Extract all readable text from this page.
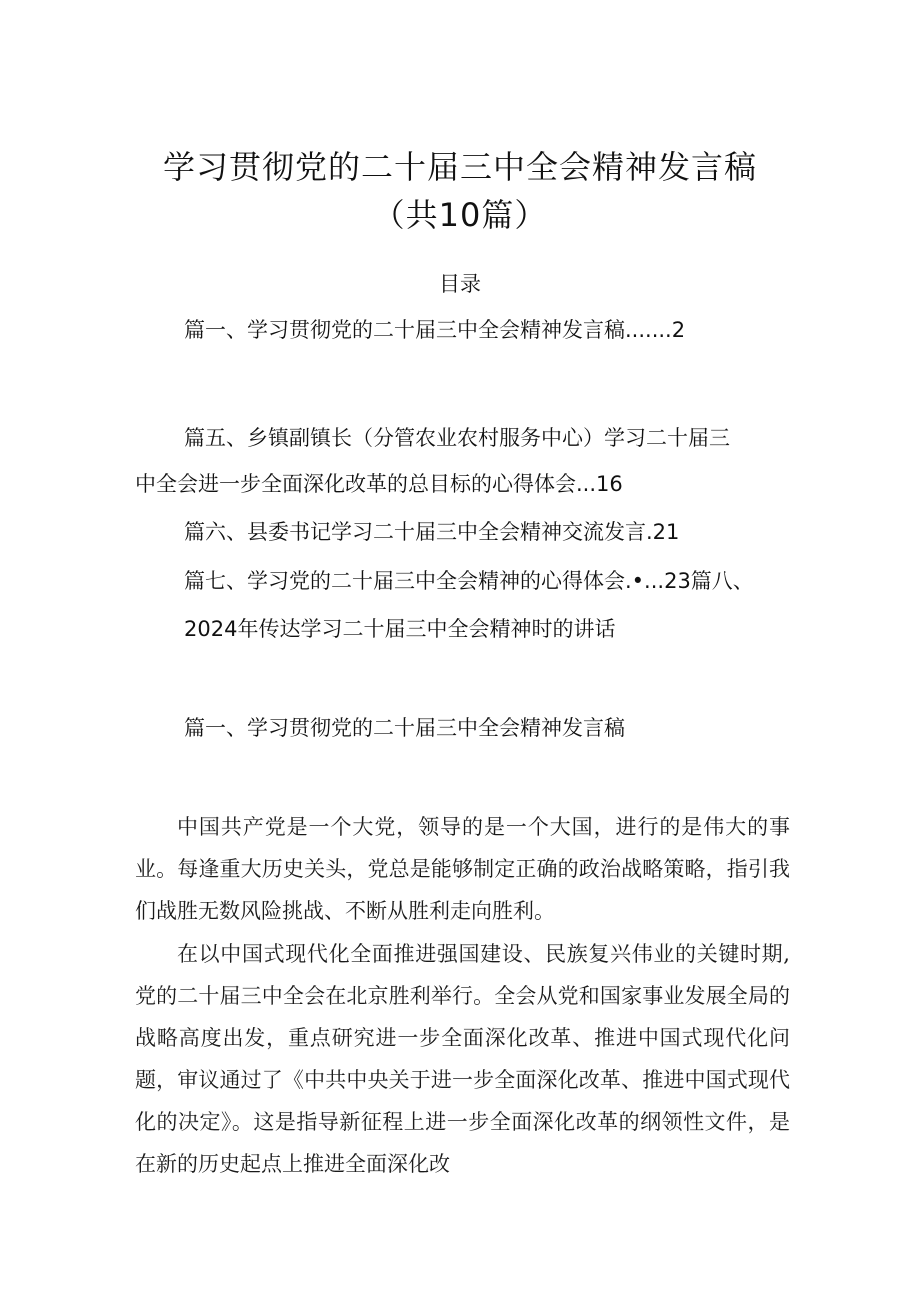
学习贯彻党的二十届三中全会精神发言稿
（共10篇）
目录
篇一、学习贯彻党的二十届三中全会精神发言稿.......2
篇五、乡镇副镇长（分管农业农村服务中心）学习二十届三
中全会进一步全面深化改革的总目标的心得体会...16
篇六、县委书记学习二十届三中全会精神交流发言.21
篇七、学习党的二十届三中全会精神的心得体会.•...23篇八、
2024年传达学习二十届三中全会精神时的讲话
篇一、学习贯彻党的二十届三中全会精神发言稿

中国共产党是一个大党，领导的是一个大国，进行的是伟大的事业。每逢重大历史关头，党总是能够制定正确的政治战略策略，指引我们战胜无数风险挑战、不断从胜利走向胜利。

在以中国式现代化全面推进强国建设、民族复兴伟业的关键时期,党的二十届三中全会在北京胜利举行。全会从党和国家事业发展全局的战略高度出发，重点研究进一步全面深化改革、推进中国式现代化问题，审议通过了《中共中央关于进一步全面深化改革、推进中国式现代化的决定》。这是指导新征程上进一步全面深化改革的纲领性文件，是在新的历史起点上推进全面深化改
